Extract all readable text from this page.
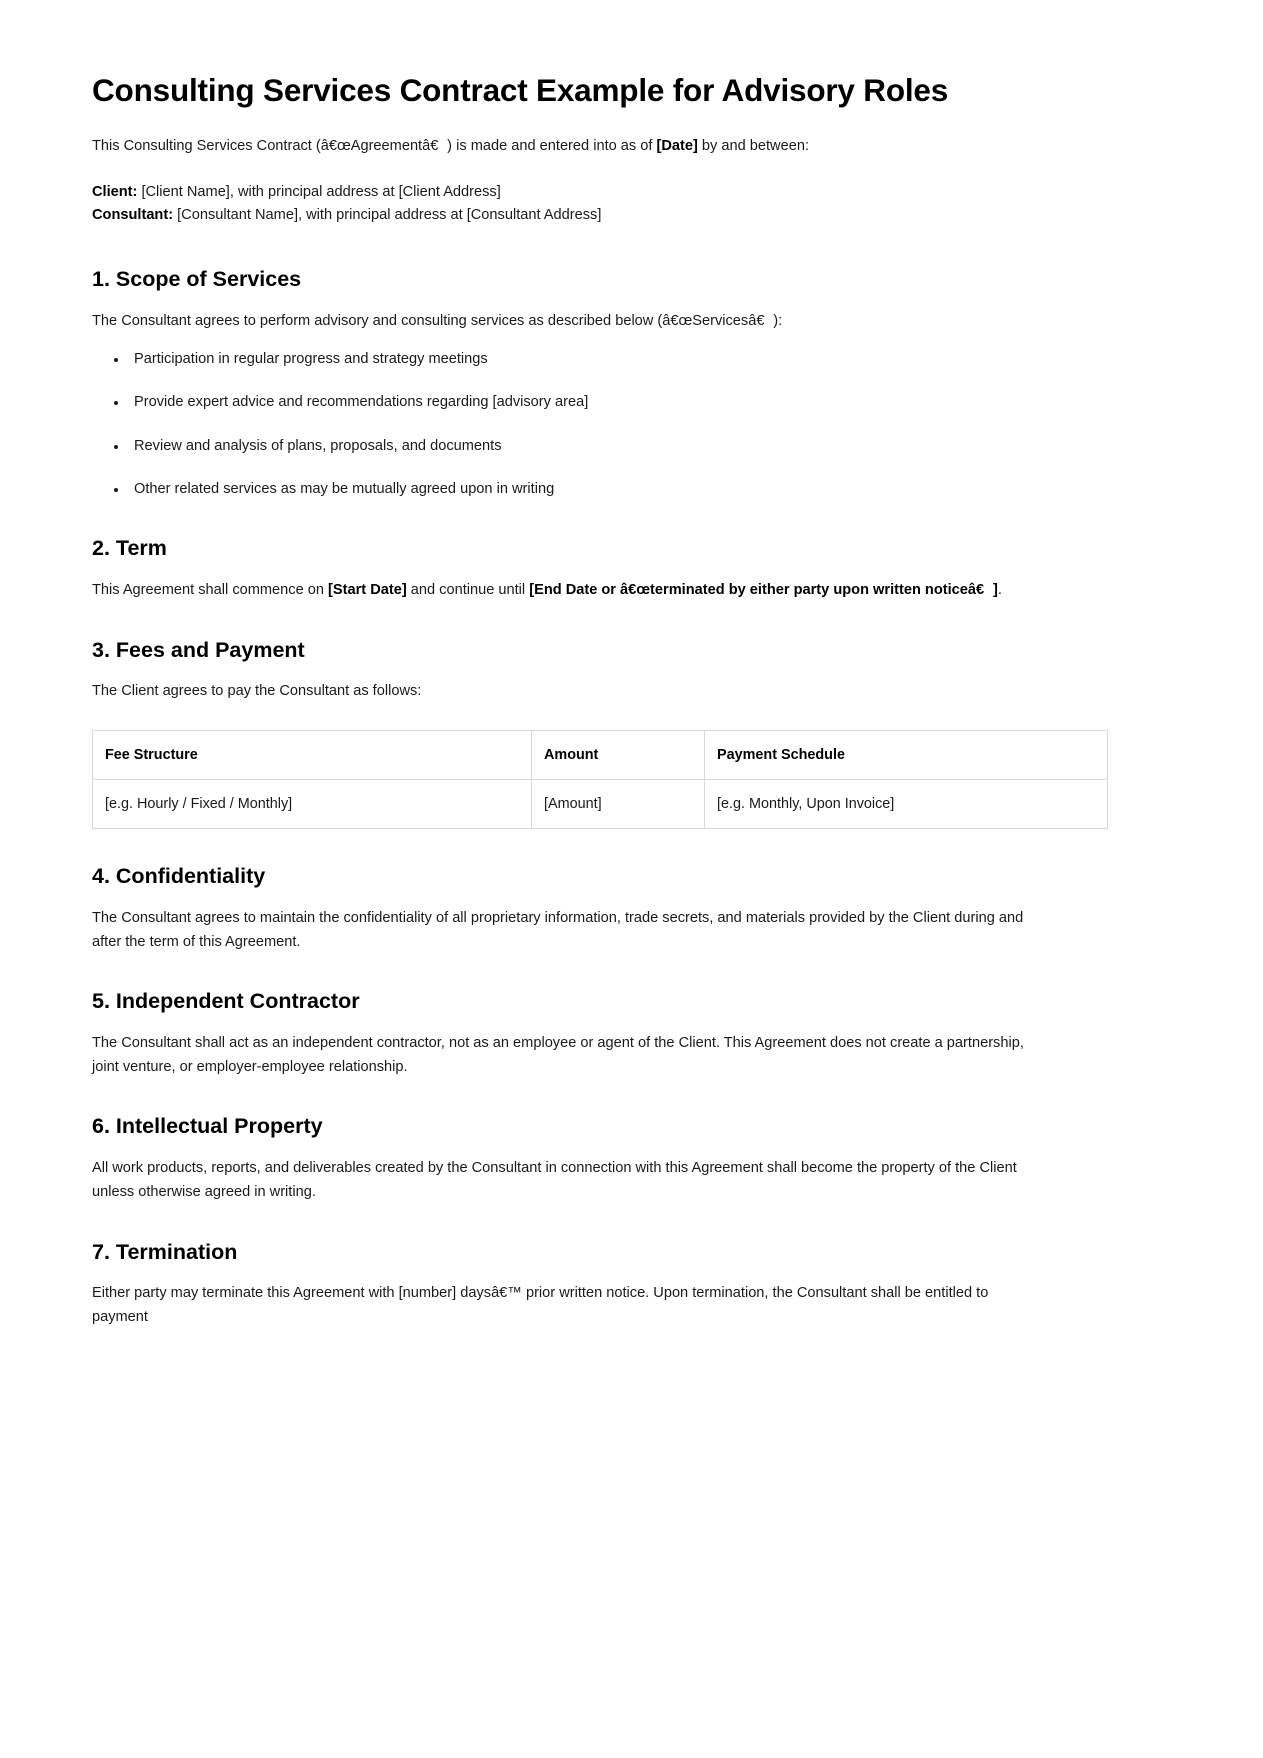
Consulting Services Contract Example for Advisory Roles

This Consulting Services Contract (â€œAgreementâ€) is made and entered into as of [Date] by and between:

Client: [Client Name], with principal address at [Client Address]
Consultant: [Consultant Name], with principal address at [Consultant Address]

1. Scope of Services

The Consultant agrees to perform advisory and consulting services as described below (â€œServicesâ€):

• Participation in regular progress and strategy meetings
• Provide expert advice and recommendations regarding [advisory area]
• Review and analysis of plans, proposals, and documents
• Other related services as may be mutually agreed upon in writing
2. Term

This Agreement shall commence on [Start Date] and continue until [End Date or â€œterminated by either party upon written noticeâ€].

3. Fees and Payment

The Client agrees to pay the Consultant as follows:

Fee Structure	Amount	Payment Schedule
[e.g. Hourly / Fixed / Monthly]	[Amount]	[e.g. Monthly, Upon Invoice]
4. Confidentiality

The Consultant agrees to maintain the confidentiality of all proprietary information, trade secrets, and materials provided by the Client during and after the term of this Agreement.

5. Independent Contractor

The Consultant shall act as an independent contractor, not as an employee or agent of the Client. This Agreement does not create a partnership, joint venture, or employer-employee relationship.

6. Intellectual Property

All work products, reports, and deliverables created by the Consultant in connection with this Agreement shall become the property of the Client unless otherwise agreed in writing.

7. Termination

Either party may terminate this Agreement with [number] daysâ€™ prior written notice. Upon termination, the Consultant shall be entitled to payment
